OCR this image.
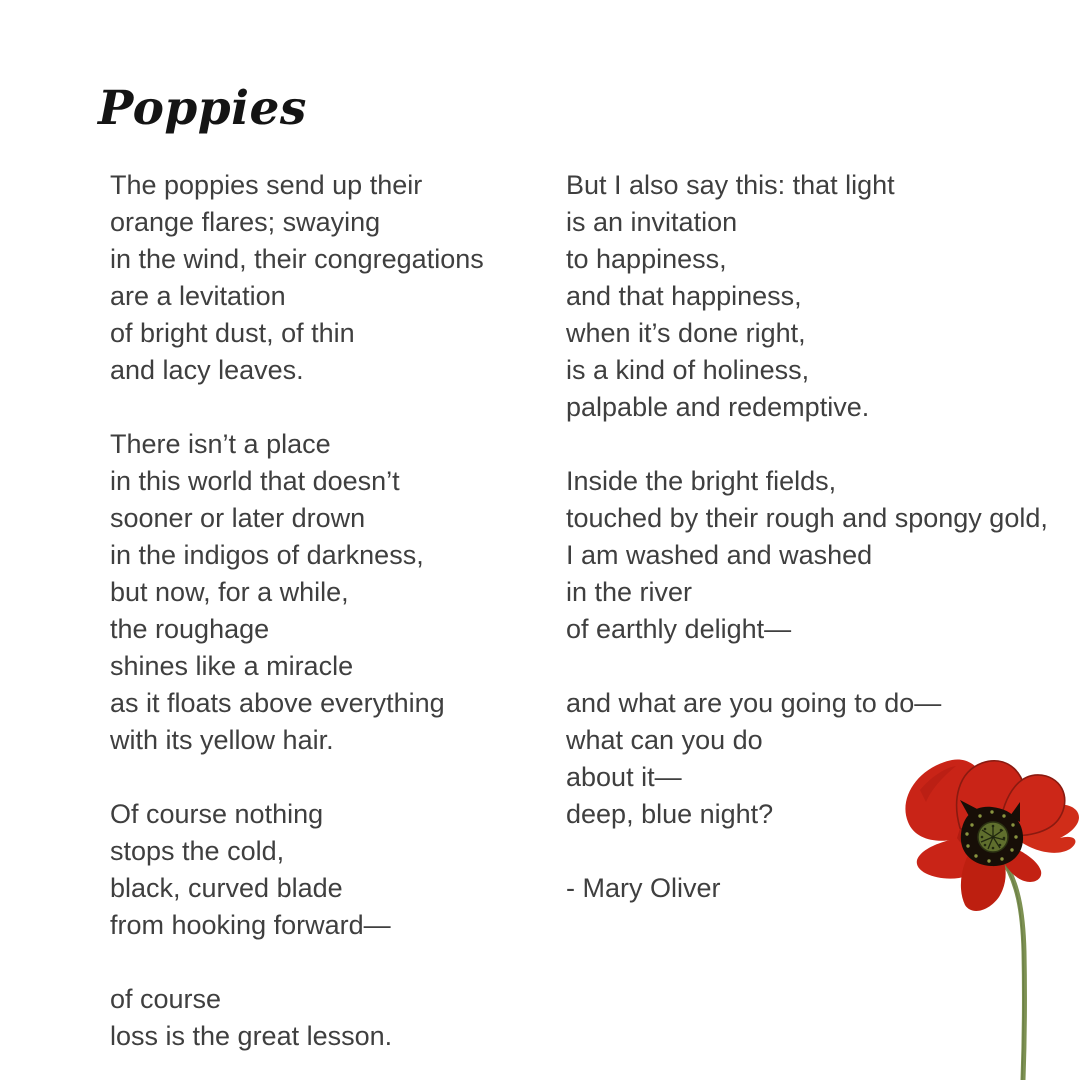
Poppies
The poppies send up their
orange flares; swaying
in the wind, their congregations
are a levitation
of bright dust, of thin
and lacy leaves.
There isn’t a place
in this world that doesn’t
sooner or later drown
in the indigos of darkness,
but now, for a while,
the roughage
shines like a miracle
as it floats above everything
with its yellow hair.
Of course nothing
stops the cold,
black, curved blade
from hooking forward—
of course
loss is the great lesson.
But I also say this: that light
is an invitation
to happiness,
and that happiness,
when it’s done right,
is a kind of holiness,
palpable and redemptive.
Inside the bright fields,
touched by their rough and spongy gold,
I am washed and washed
in the river
of earthly delight—
and what are you going to do—
what can you do
about it—
deep, blue night?
- Mary Oliver
